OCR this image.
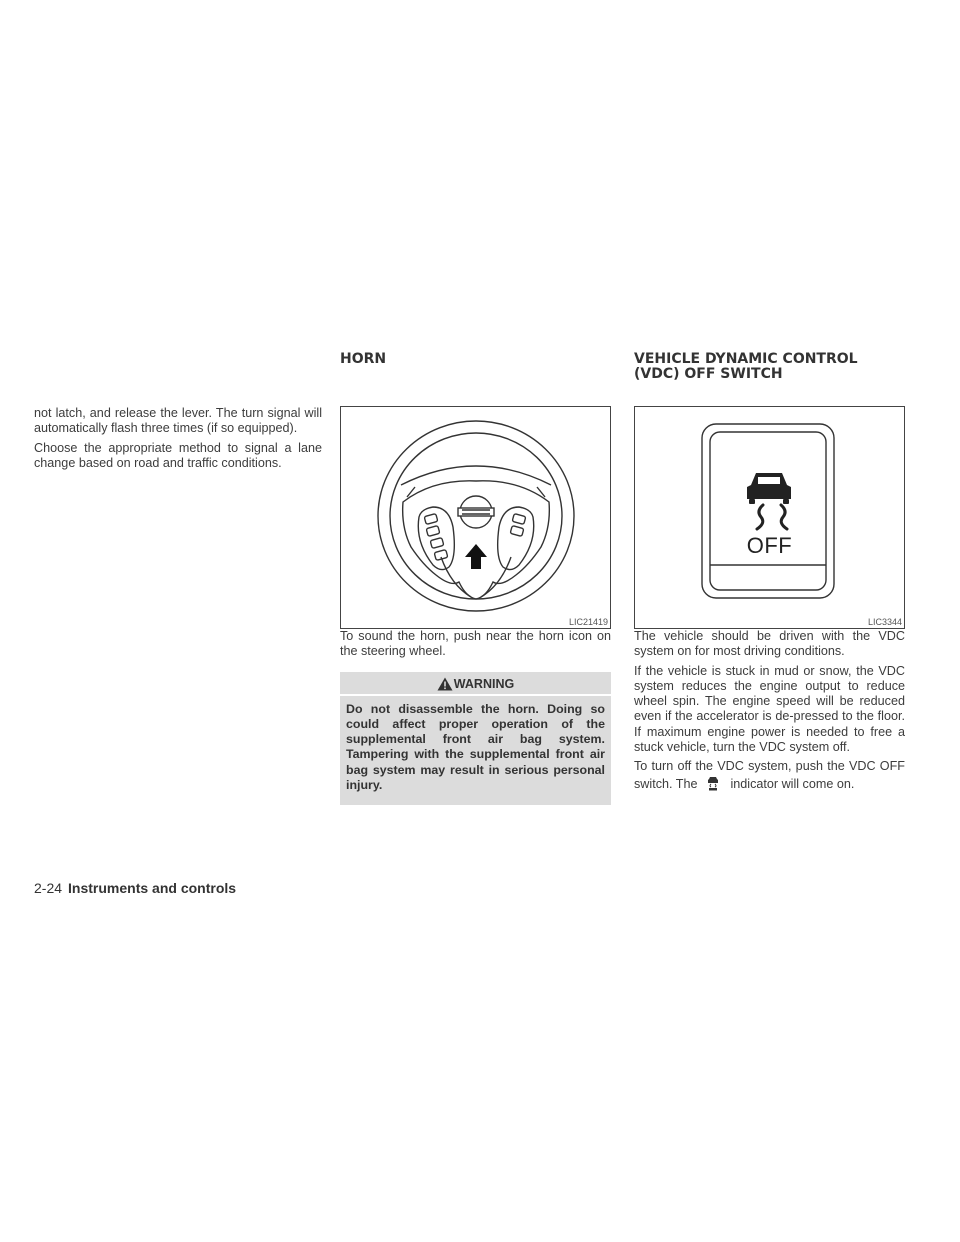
not latch, and release the lever. The turn signal will automatically flash three times (if so equipped).

Choose the appropriate method to signal a lane change based on road and traffic conditions.

HORN
LIC21419

To sound the horn, push near the horn icon on the steering wheel.

WARNING

Do not disassemble the horn. Doing so could affect proper operation of the supplemental front air bag system. Tampering with the supplemental front air bag system may result in serious personal injury.

VEHICLE DYNAMIC CONTROL (VDC) OFF SWITCH
OFF
LIC3344

The vehicle should be driven with the VDC system on for most driving conditions.

If the vehicle is stuck in mud or snow, the VDC system reduces the engine output to reduce wheel spin. The engine speed will be reduced even if the accelerator is de-pressed to the floor. If maximum engine power is needed to free a stuck vehicle, turn the VDC system off.

To turn off the VDC system, push the VDC OFF switch. The	indicator will come on.

2-24 Instruments and controls
